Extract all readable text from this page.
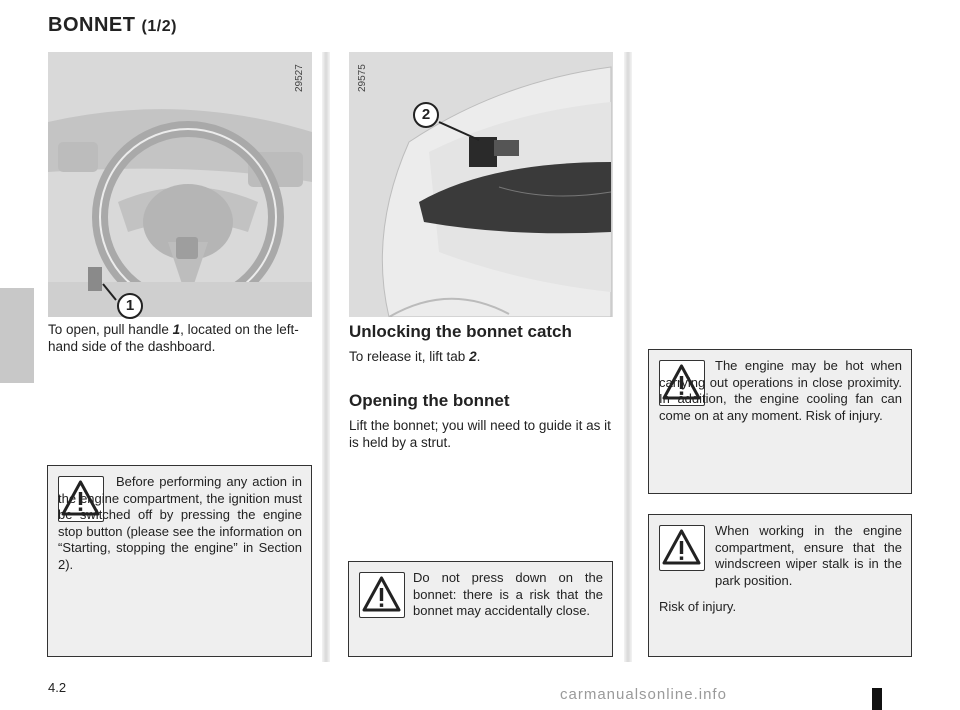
BONNET (1/2)
29527
1
To open, pull handle 1, located on the left-hand side of the dashboard.
Before performing any action in the engine compartment, the ignition must be switched off by pressing the engine stop button (please see the information on “Starting, stopping the engine” in Section 2).
29575
2
Unlocking the bonnet catch
To release it, lift tab 2.
Opening the bonnet
Lift the bonnet; you will need to guide it as it is held by a strut.
Do not press down on the bonnet: there is a risk that the bonnet may accidentally close.
The engine may be hot when carrying out operations in close proximity. In addition, the engine cooling fan can come on at any moment. Risk of injury.
When working in the engine compartment, ensure that the windscreen wiper stalk is in the park position.
Risk of injury.
4.2	carmanualsonline.info
